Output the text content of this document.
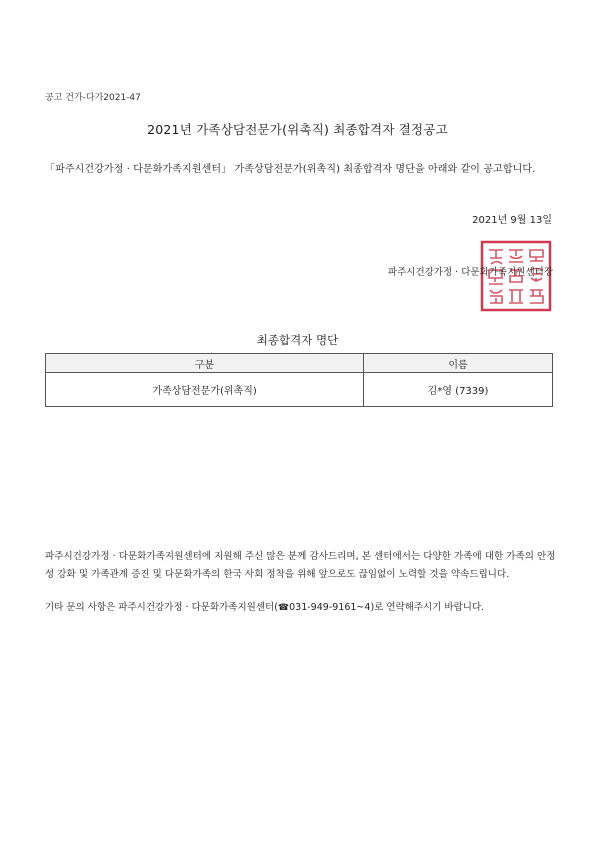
공고 건가-다가2021-47
2021년 가족상담전문가(위촉직) 최종합격자 결정공고
「파주시건강가정 · 다문화가족지원센터」 가족상담전문가(위촉직) 최종합격자 명단을 아래와 같이 공고합니다.
2021년 9월 13일
파주시건강가정 · 다문화가족지원센터장
최종합격자 명단
구분	이름
가족상담전문가(위촉직)	김*영 (7339)
파주시건강가정 · 다문화가족지원센터에 지원해 주신 많은 분께 감사드리며, 본 센터에서는 다양한 가족에 대한 가족의 안정성 강화 및 가족관계 증진 및 다문화가족의 한국 사회 정착을 위해 앞으로도 끊임없이 노력할 것을 약속드립니다.
기타 문의 사항은 파주시건강가정 · 다문화가족지원센터(☎031-949-9161~4)로 연락해주시기 바랍니다.
